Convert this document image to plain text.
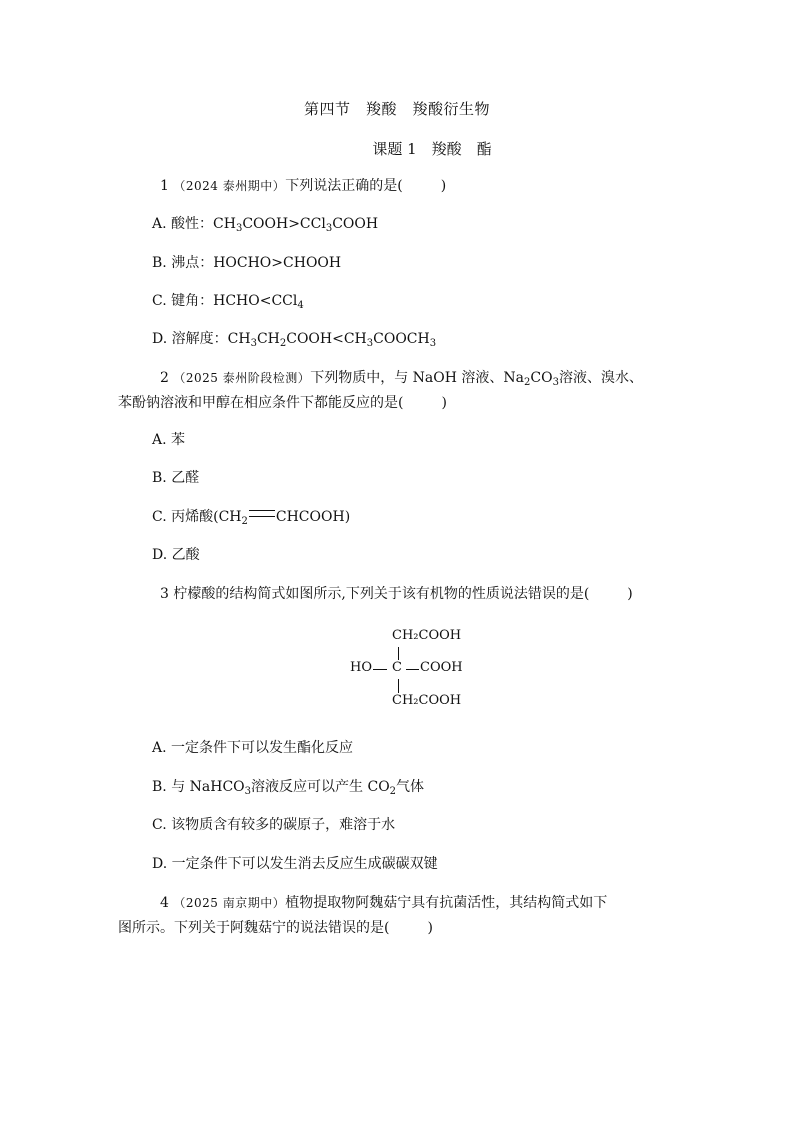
第四节　羧酸　羧酸衍生物
课题 1　羧酸　酯
1 （2024 泰州期中）下列说法正确的是(	)
A. 酸性：$CH_3COOH>CCl_3COOH$
B. 沸点：HOCHO>CHOOH
C. 键角：HCHO<CCl$_4$
D. 溶解度：$CH_3CH_2COOH<CH_3COOCH_3$
2 （2025 泰州阶段检测）下列物质中，与 NaOH 溶液、$Na_2CO_3$溶液、溴水、
苯酚钠溶液和甲醇在相应条件下都能反应的是(	)
A. 苯
B. 乙醛
C. 丙烯酸($CH_2$ CHCOOH)
D. 乙酸
3 柠檬酸的结构简式如图所示,下列关于该有机物的性质说法错误的是(	)
CH₂COOH
HO C COOH
CH₂COOH
A. 一定条件下可以发生酯化反应
B. 与 NaHCO$_3$溶液反应可以产生 $CO_2$气体
C. 该物质含有较多的碳原子，难溶于水
D. 一定条件下可以发生消去反应生成碳碳双键
4 （2025 南京期中）植物提取物阿魏菇宁具有抗菌活性，其结构简式如下
图所示。下列关于阿魏菇宁的说法错误的是(	)
